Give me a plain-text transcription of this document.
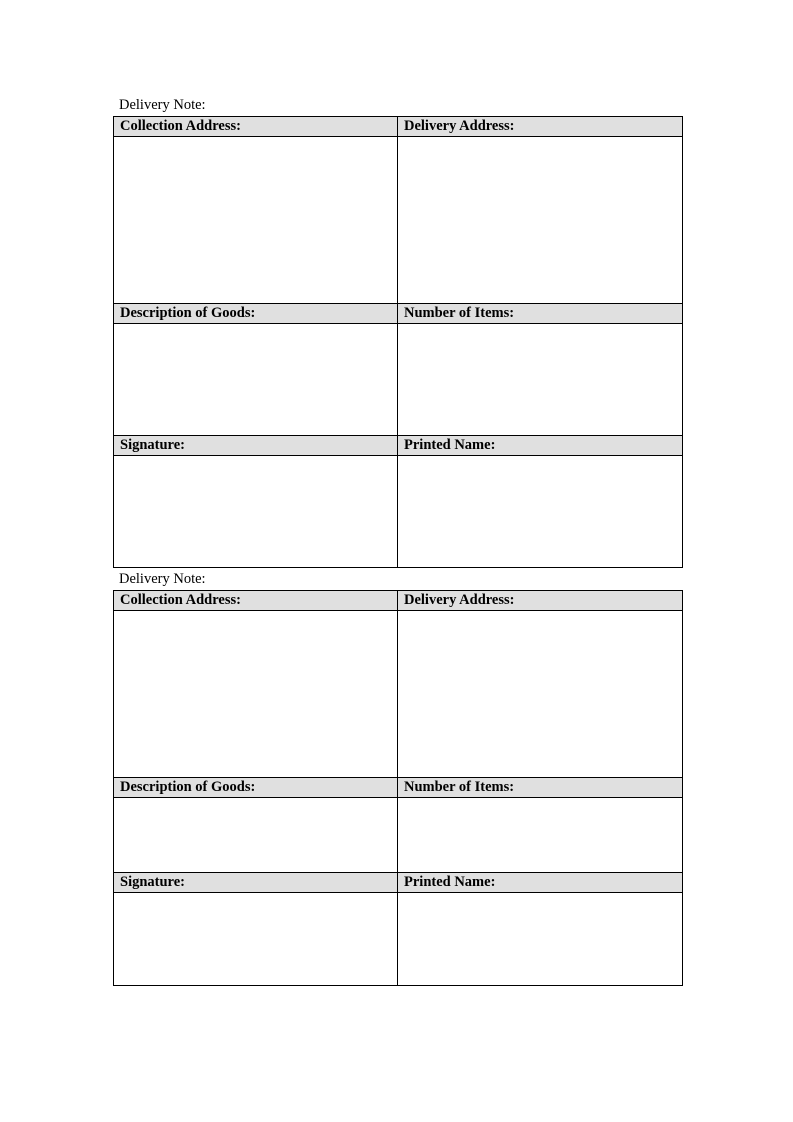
Delivery Note:
Collection Address:	Delivery Address:

Description of Goods:	Number of Items:

Signature:	Printed Name:

Delivery Note:
Collection Address:	Delivery Address:

Description of Goods:	Number of Items:

Signature:	Printed Name:
